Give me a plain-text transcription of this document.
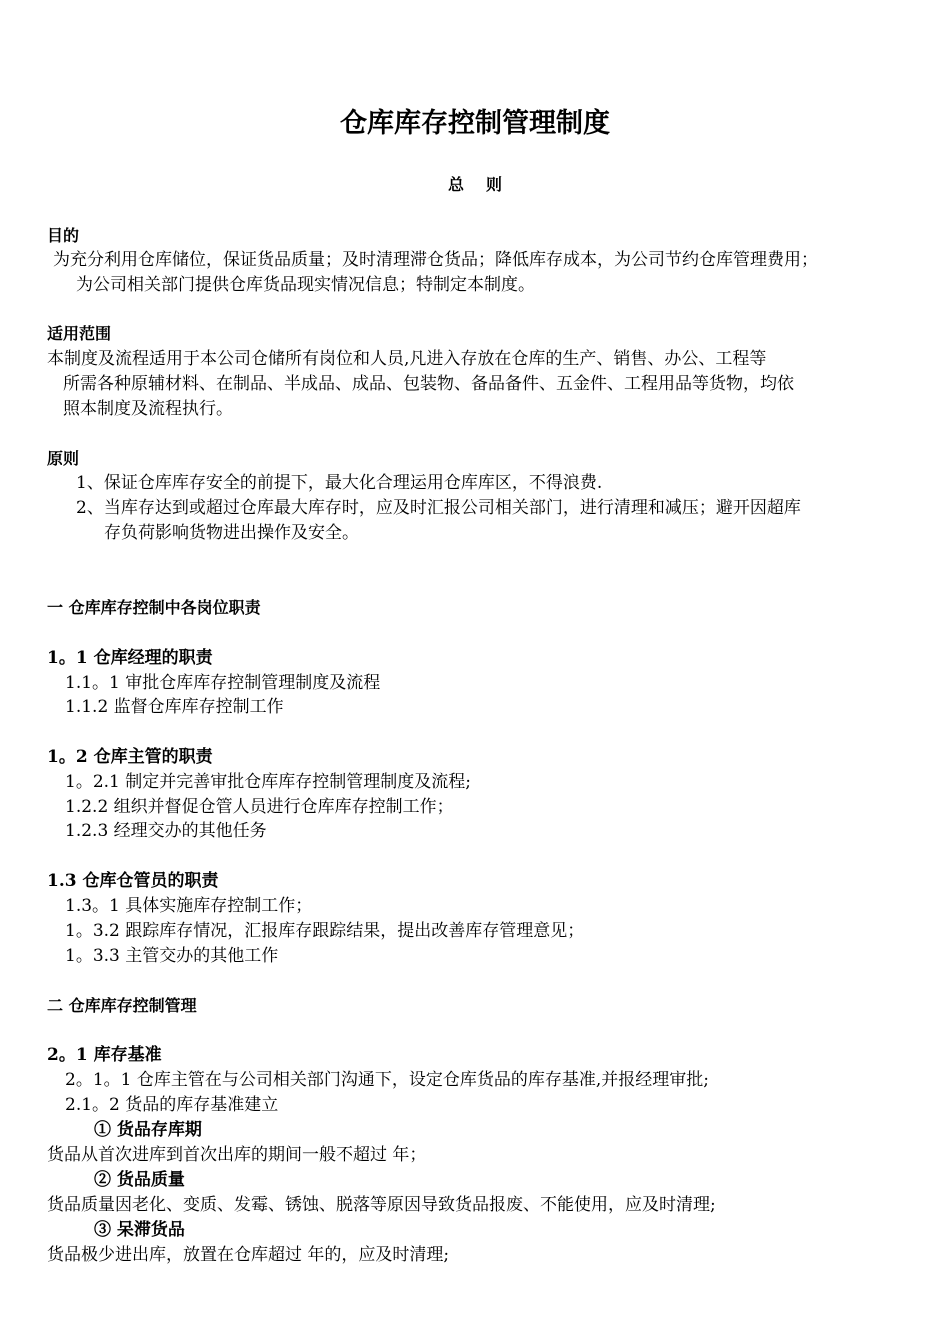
仓库库存控制管理制度
总则
目的
为充分利用仓库储位，保证货品质量；及时清理滞仓货品；降低库存成本，为公司节约仓库管理费用；
为公司相关部门提供仓库货品现实情况信息；特制定本制度。
适用范围
本制度及流程适用于本公司仓储所有岗位和人员,凡进入存放在仓库的生产、销售、办公、工程等
所需各种原辅材料、在制品、半成品、成品、包装物、备品备件、五金件、工程用品等货物，均依
照本制度及流程执行。
原则
1、保证仓库库存安全的前提下，最大化合理运用仓库库区，不得浪费.
2、当库存达到或超过仓库最大库存时，应及时汇报公司相关部门，进行清理和减压；避开因超库
存负荷影响货物进出操作及安全。
一 仓库库存控制中各岗位职责
1。1 仓库经理的职责
1.1。1 审批仓库库存控制管理制度及流程
1.1.2 监督仓库库存控制工作
1。2 仓库主管的职责
1。2.1 制定并完善审批仓库库存控制管理制度及流程;
1.2.2 组织并督促仓管人员进行仓库库存控制工作；
1.2.3 经理交办的其他任务
1.3 仓库仓管员的职责
1.3。1 具体实施库存控制工作；
1。3.2 跟踪库存情况，汇报库存跟踪结果，提出改善库存管理意见；
1。3.3 主管交办的其他工作
二 仓库库存控制管理
2。1 库存基准
2。1。1 仓库主管在与公司相关部门沟通下，设定仓库货品的库存基准,并报经理审批;
2.1。2 货品的库存基准建立
① 货品存库期
货品从首次进库到首次出库的期间一般不超过 年；
② 货品质量
货品质量因老化、变质、发霉、锈蚀、脱落等原因导致货品报废、不能使用，应及时清理;
③ 呆滞货品
货品极少进出库，放置在仓库超过 年的，应及时清理;
